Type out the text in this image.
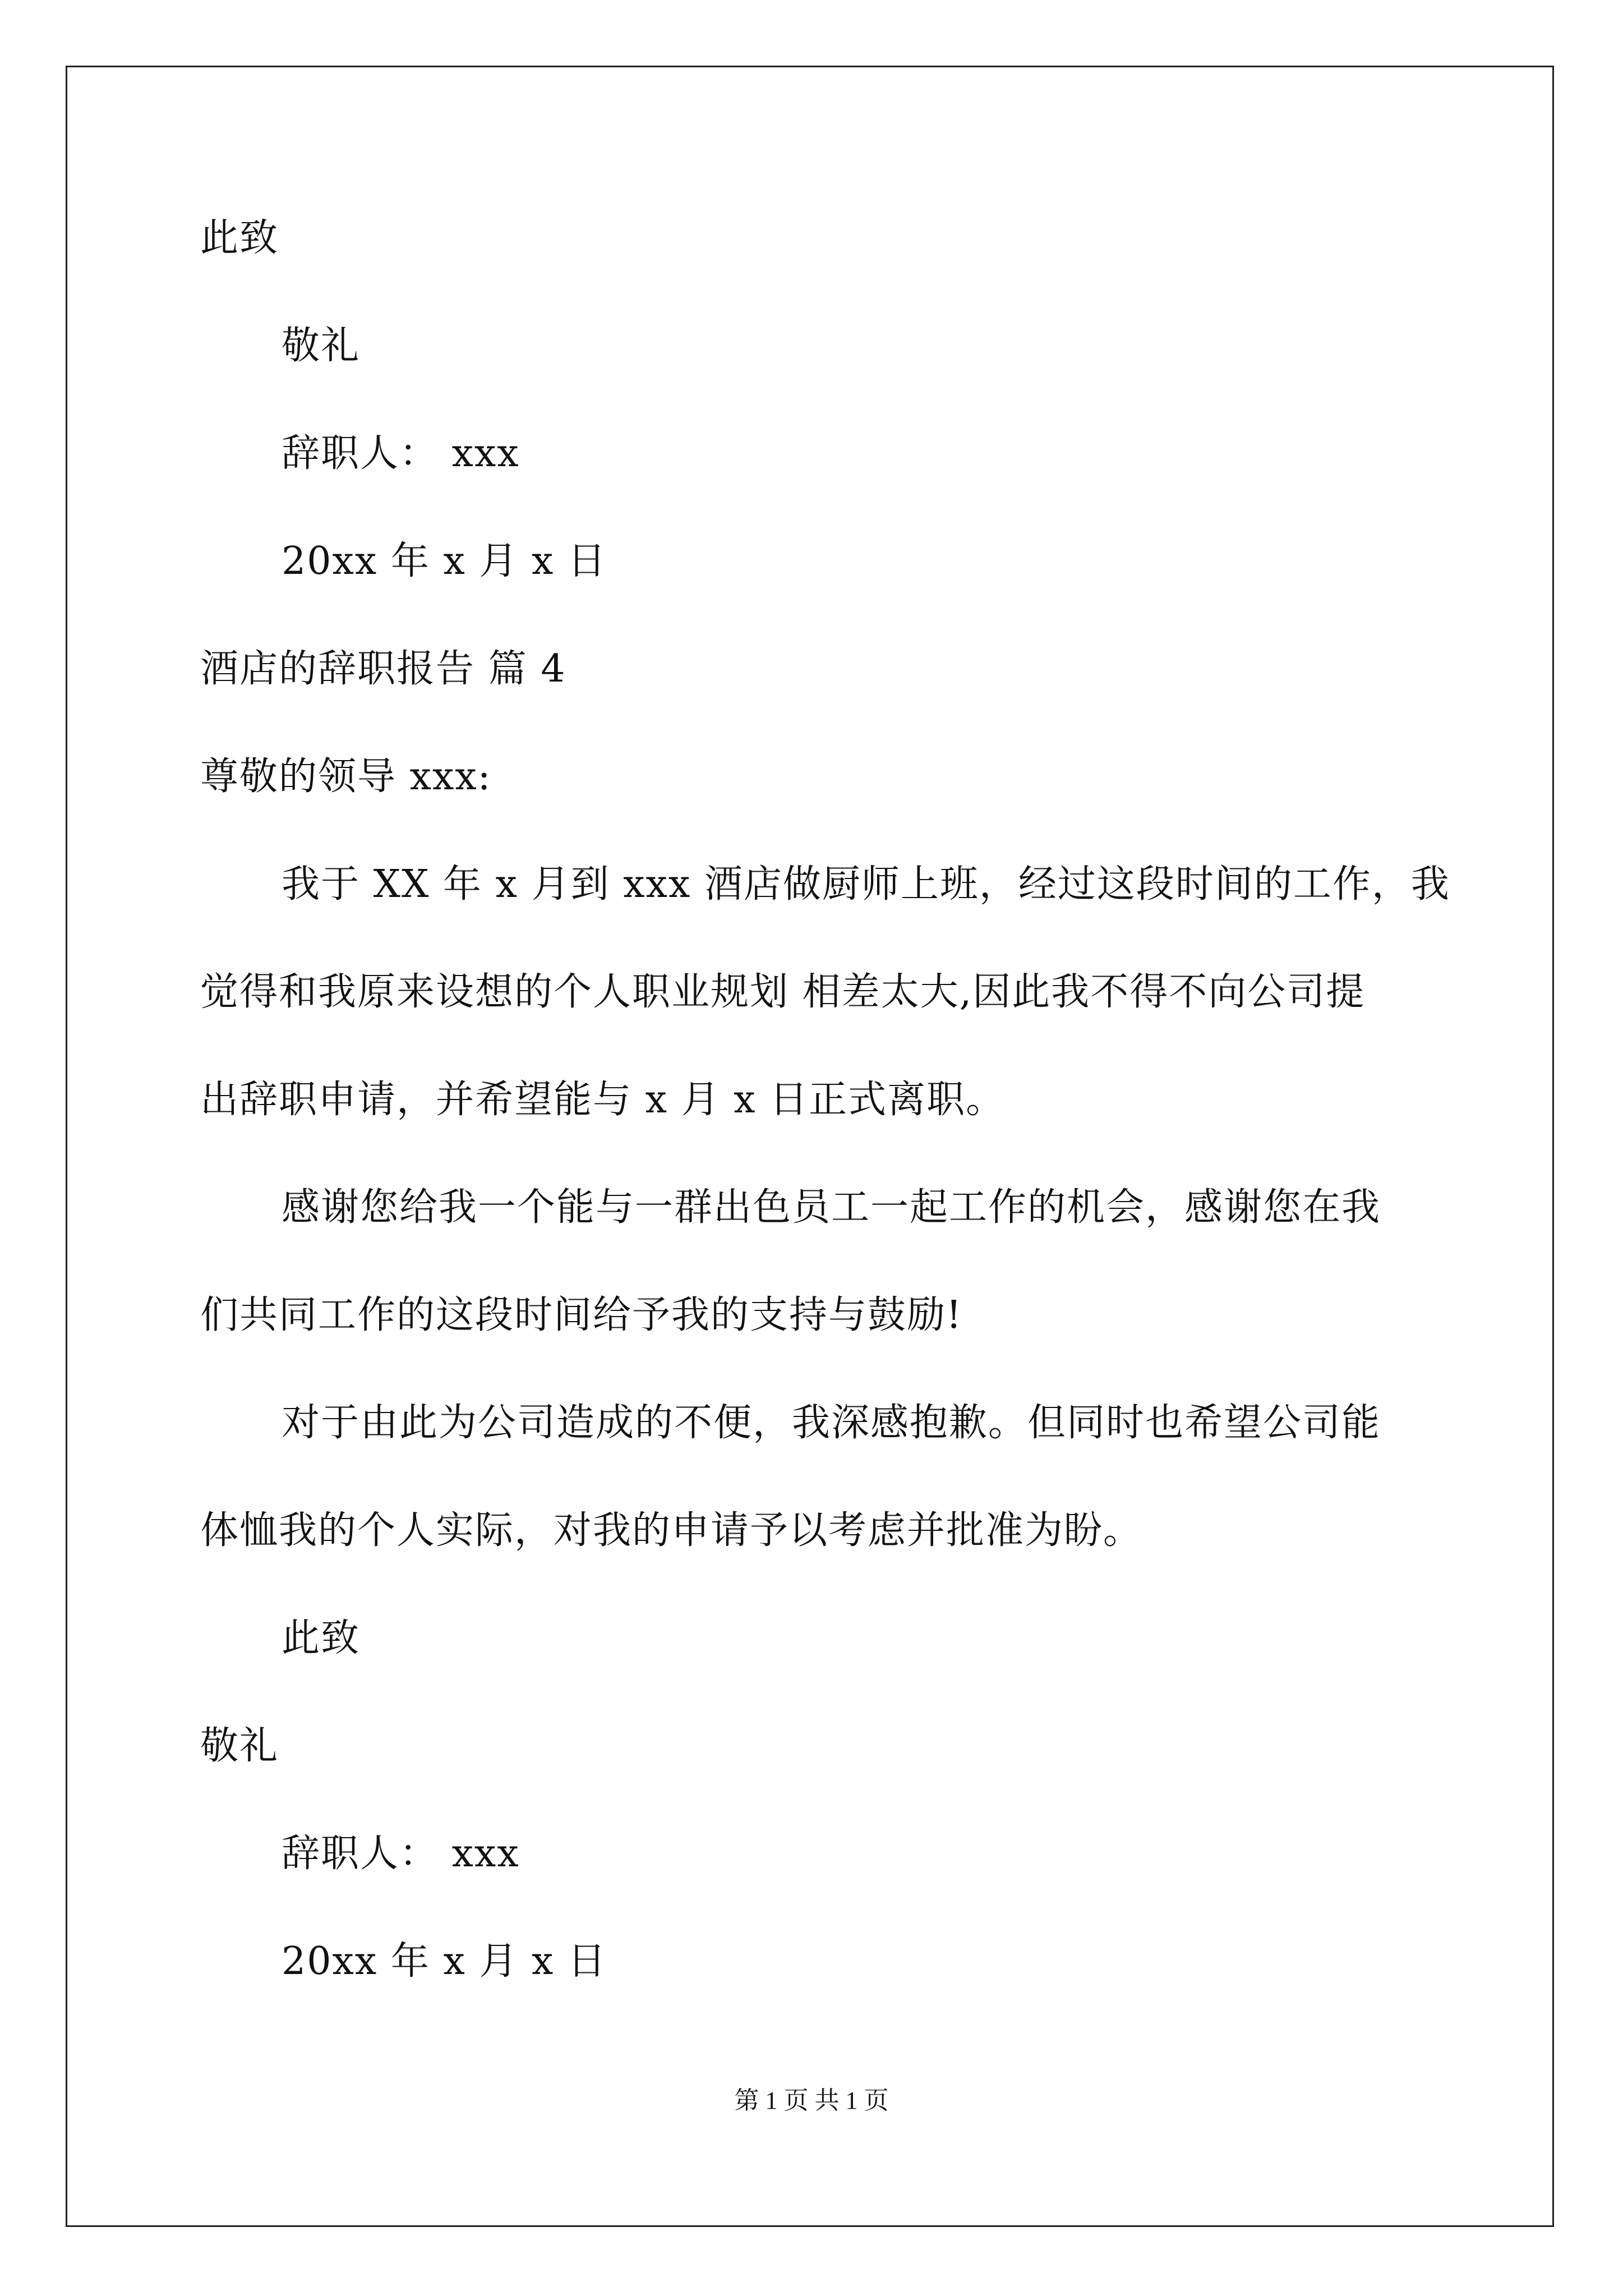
此致
敬礼
辞职人： xxx
20xx 年 x 月 x 日
酒店的辞职报告 篇 4
尊敬的领导 xxx:
我于 XX 年 x 月到 xxx 酒店做厨师上班，经过这段时间的工作，我
觉得和我原来设想的个人职业规划 相差太大,因此我不得不向公司提
出辞职申请，并希望能与 x 月 x 日正式离职。
感谢您给我一个能与一群出色员工一起工作的机会，感谢您在我
们共同工作的这段时间给予我的支持与鼓励!
对于由此为公司造成的不便，我深感抱歉。但同时也希望公司能
体恤我的个人实际，对我的申请予以考虑并批准为盼。
此致
敬礼
辞职人： xxx
20xx 年 x 月 x 日
第 1 页 共 1 页
